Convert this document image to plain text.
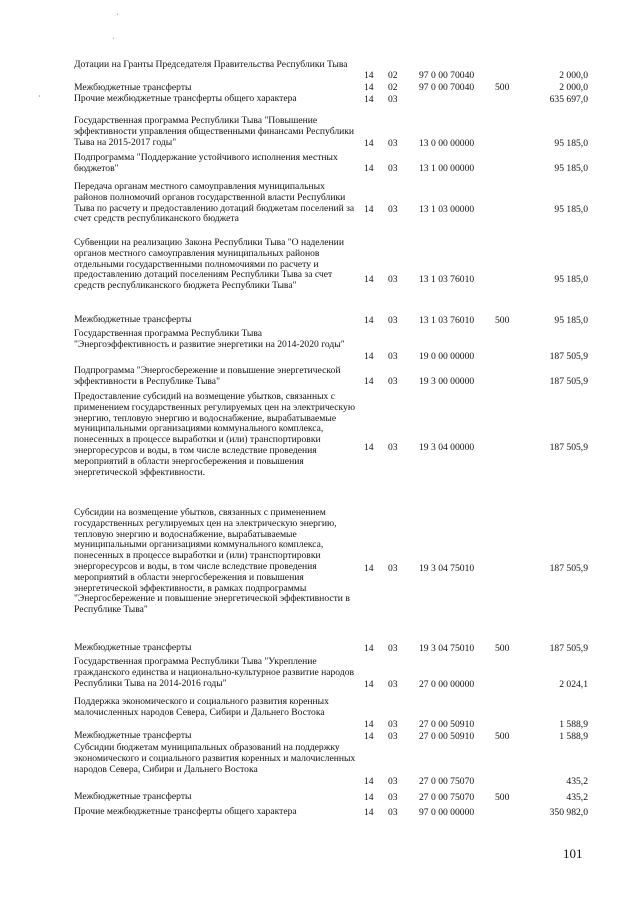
ˌ
ˌ
·
Дотации на Гранты Председателя Правительства Республики Тыва
14 02 97 0 00 70040	2 000,0
Межбюджетные трансферты	14 02 97 0 00 70040 500	2 000,0
Прочие межбюджетные трансферты общего характера	14 03	635 697,0
Государственная программа Республики Тыва "Повышение эффективности управления общественными финансами Республики Тыва на 2015-2017 годы"	14 03 13 0 00 00000	95 185,0
Подпрограмма "Поддержание устойчивого исполнения местных бюджетов"	14 03 13 1 00 00000	95 185,0
Передача органам местного самоуправления муниципальных районов полномочий органов государственной власти Республики Тыва по расчету и предоставлению дотаций бюджетам поселений за счет средств республиканского бюджета
14 03 13 1 03 00000	95 185,0
Субвенции на реализацию Закона Республики Тыва "О наделении органов местного самоуправления муниципальных районов отдельными государственными полномочиями по расчету и предоставлению дотаций поселениям Республики Тыва за счет средств республиканского бюджета Республики Тыва"
14 03 13 1 03 76010	95 185,0
Межбюджетные трансферты	14 03 13 1 03 76010 500	95 185,0
Государственная программа Республики Тыва "Энергоэффективность и развитие энергетики на 2014-2020 годы"
14 03 19 0 00 00000	187 505,9
Подпрограмма "Энергосбережение и повышение энергетической эффективности в Республике Тыва"	14 03 19 3 00 00000	187 505,9
Предоставление субсидий на возмещение убытков, связанных с применением государственных регулируемых цен на электрическую энергию, тепловую энергию и водоснабжение, вырабатываемые муниципальными организациями коммунального комплекса, понесенных в процессе выработки и (или) транспортировки энергоресурсов и воды, в том числе вследствие проведения мероприятий в области энергосбережения и повышения энергетической эффективности.
14 03 19 3 04 00000	187 505,9
Субсидии на возмещение убытков, связанных с применением государственных регулируемых цен на электрическую энергию, тепловую энергию и водоснабжение, вырабатываемые муниципальными организациями коммунального комплекса, понесенных в процессе выработки и (или) транспортировки энергоресурсов и воды, в том числе вследствие проведения мероприятий в области энергосбережения и повышения энергетической эффективности, в рамках подпрограммы "Энергосбережение и повышение энергетической эффективности в Республике Тыва"
14 03 19 3 04 75010	187 505,9
Межбюджетные трансферты	14 03 19 3 04 75010 500	187 505,9
Государственная программа Республики Тыва "Укрепление гражданского единства и национально-культурное развитие народов Республики Тыва на 2014-2016 годы"	14 03 27 0 00 00000	2 024,1
Поддержка экономического и социального развития коренных малочисленных народов Севера, Сибири и Дальнего Востока
14 03 27 0 00 50910	1 588,9
Межбюджетные трансферты	14 03 27 0 00 50910 500	1 588,9
Субсидии бюджетам муниципальных образований на поддержку экономического и социального развития коренных и малочисленных народов Севера, Сибири и Дальнего Востока
14 03 27 0 00 75070	435,2
Межбюджетные трансферты	14 03 27 0 00 75070 500	435,2
Прочие межбюджетные трансферты общего характера	14 03 97 0 00 00000	350 982,0
101
